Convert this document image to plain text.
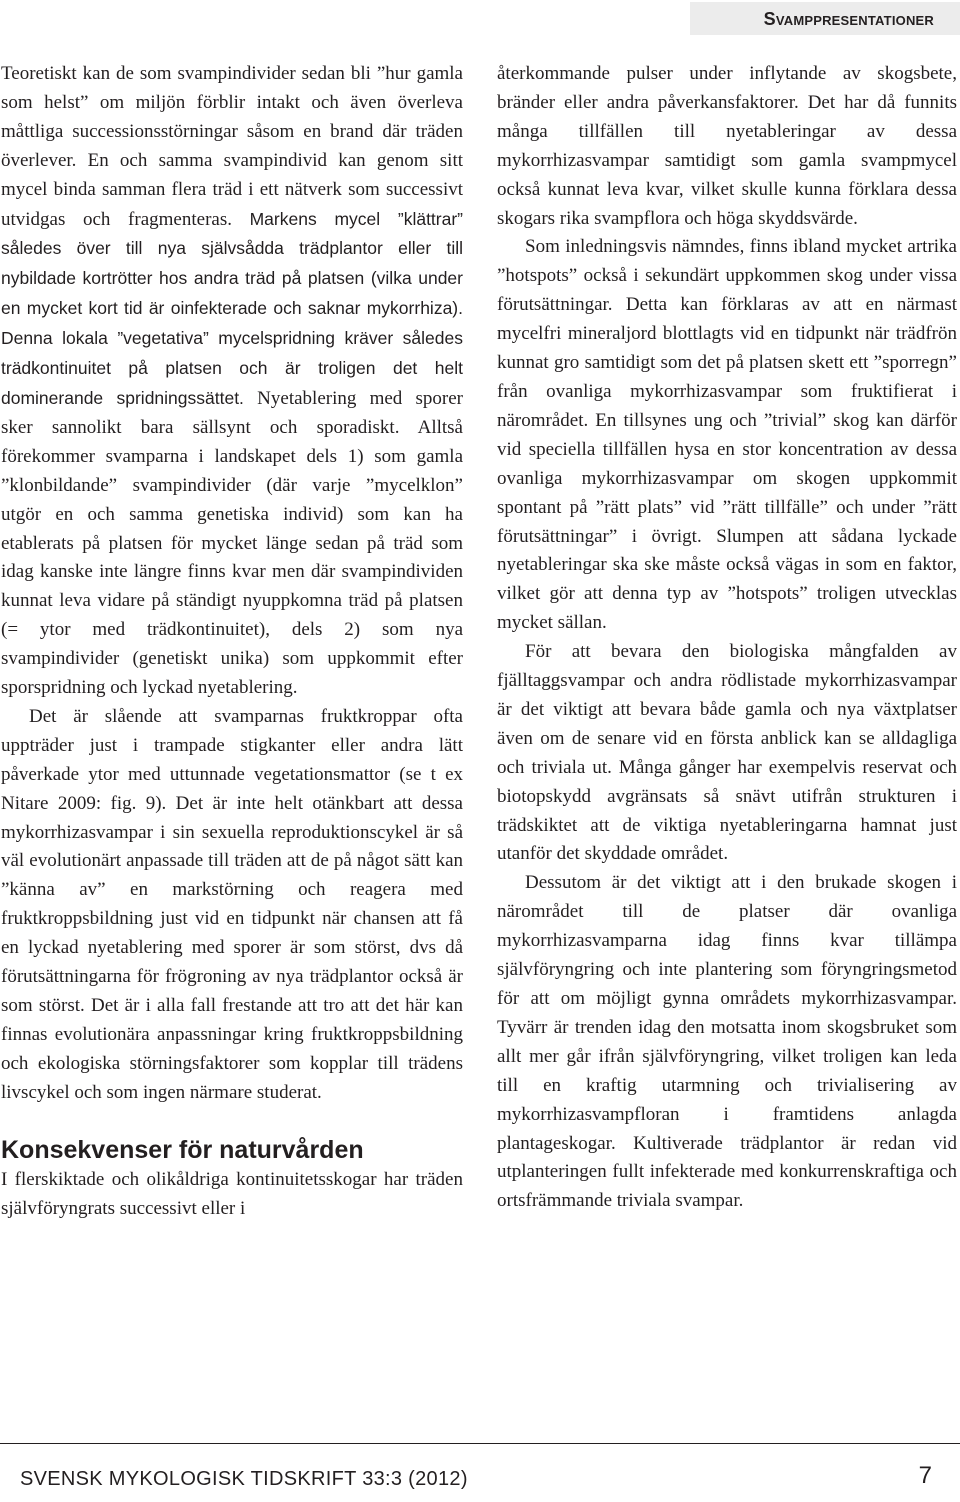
Svamppresentationer

Teoretiskt kan de som svampindivider sedan bli ”hur gamla som helst” om miljön förblir intakt och även överleva måttliga successionsstörningar såsom en brand där träden överlever. En och samma svampindivid kan genom sitt mycel binda samman flera träd i ett nätverk som successivt utvidgas och fragmenteras. Markens mycel ”klättrar” således över till nya självsådda trädplantor eller till nybildade kortrötter hos andra träd på platsen (vilka under en mycket kort tid är oinfekterade och saknar mykorrhiza). Denna lokala ”vegetativa” mycelspridning kräver således trädkontinuitet på platsen och är troligen det helt dominerande spridningssättet. Nyetablering med sporer sker sannolikt bara sällsynt och sporadiskt. Alltså förekommer svamparna i landskapet dels 1) som gamla ”klonbildande” svampindivider (där varje ”mycelklon” utgör en och samma genetiska individ) som kan ha etablerats på platsen för mycket länge sedan på träd som idag kanske inte längre finns kvar men där svampindividen kunnat leva vidare på ständigt nyuppkomna träd på platsen (= ytor med trädkontinuitet), dels 2) som nya svampindivider (genetiskt unika) som uppkommit efter sporspridning och lyckad nyetablering.

Det är slående att svamparnas fruktkroppar ofta uppträder just i trampade stigkanter eller andra lätt påverkade ytor med uttunnade vegetationsmattor (se t ex Nitare 2009: fig. 9). Det är inte helt otänkbart att dessa mykorrhizasvampar i sin sexuella reproduktionscykel är så väl evolutionärt anpassade till träden att de på något sätt kan ”känna av” en markstörning och reagera med fruktkroppsbildning just vid en tidpunkt när chansen att få en lyckad nyetablering med sporer är som störst, dvs då förutsättningarna för frögroning av nya trädplantor också är som störst. Det är i alla fall frestande att tro att det här kan finnas evolutionära anpassningar kring fruktkroppsbildning och ekologiska störningsfaktorer som kopplar till trädens livscykel och som ingen närmare studerat.

Konsekvenser för naturvården

I flerskiktade och olikåldriga kontinuitetsskogar har träden självföryngrats successivt eller i

återkommande pulser under inflytande av skogsbete, bränder eller andra påverkansfaktorer. Det har då funnits många tillfällen till nyetableringar av dessa mykorrhizasvampar samtidigt som gamla svampmycel också kunnat leva kvar, vilket skulle kunna förklara dessa skogars rika svampflora och höga skyddsvärde.

Som inledningsvis nämndes, finns ibland mycket artrika ”hotspots” också i sekundärt uppkommen skog under vissa förutsättningar. Detta kan förklaras av att en närmast mycelfri mineraljord blottlagts vid en tidpunkt när trädfrön kunnat gro samtidigt som det på platsen skett ett ”sporregn” från ovanliga mykorrhizasvampar som fruktifierat i närområdet. En tillsynes ung och ”trivial” skog kan därför vid speciella tillfällen hysa en stor koncentration av dessa ovanliga mykorrhizasvampar om skogen uppkommit spontant på ”rätt plats” vid ”rätt tillfälle” och under ”rätt förutsättningar” i övrigt. Slumpen att sådana lyckade nyetableringar ska ske måste också vägas in som en faktor, vilket gör att denna typ av ”hotspots” troligen utvecklas mycket sällan.

För att bevara den biologiska mångfalden av fjälltaggsvampar och andra rödlistade mykorrhizasvampar är det viktigt att bevara både gamla och nya växtplatser även om de senare vid en första anblick kan se alldagliga och triviala ut. Många gånger har exempelvis reservat och biotopskydd avgränsats så snävt utifrån strukturen i trädskiktet att de viktiga nyetableringarna hamnat just utanför det skyddade området.

Dessutom är det viktigt att i den brukade skogen i närområdet till de platser där ovanliga mykorrhizasvamparna idag finns kvar tillämpa självföryngring och inte plantering som föryngringsmetod för att om möjligt gynna områdets mykorrhizasvampar. Tyvärr är trenden idag den motsatta inom skogsbruket som allt mer går ifrån självföryngring, vilket troligen kan leda till en kraftig utarmning och trivialisering av mykorrhizasvampfloran i framtidens anlagda plantageskogar. Kultiverade trädplantor är redan vid utplanteringen fullt infekterade med konkurrenskraftiga och ortsfrämmande triviala svampar.

SVENSK MYKOLOGISK TIDSKRIFT 33:3 (2012)	7
